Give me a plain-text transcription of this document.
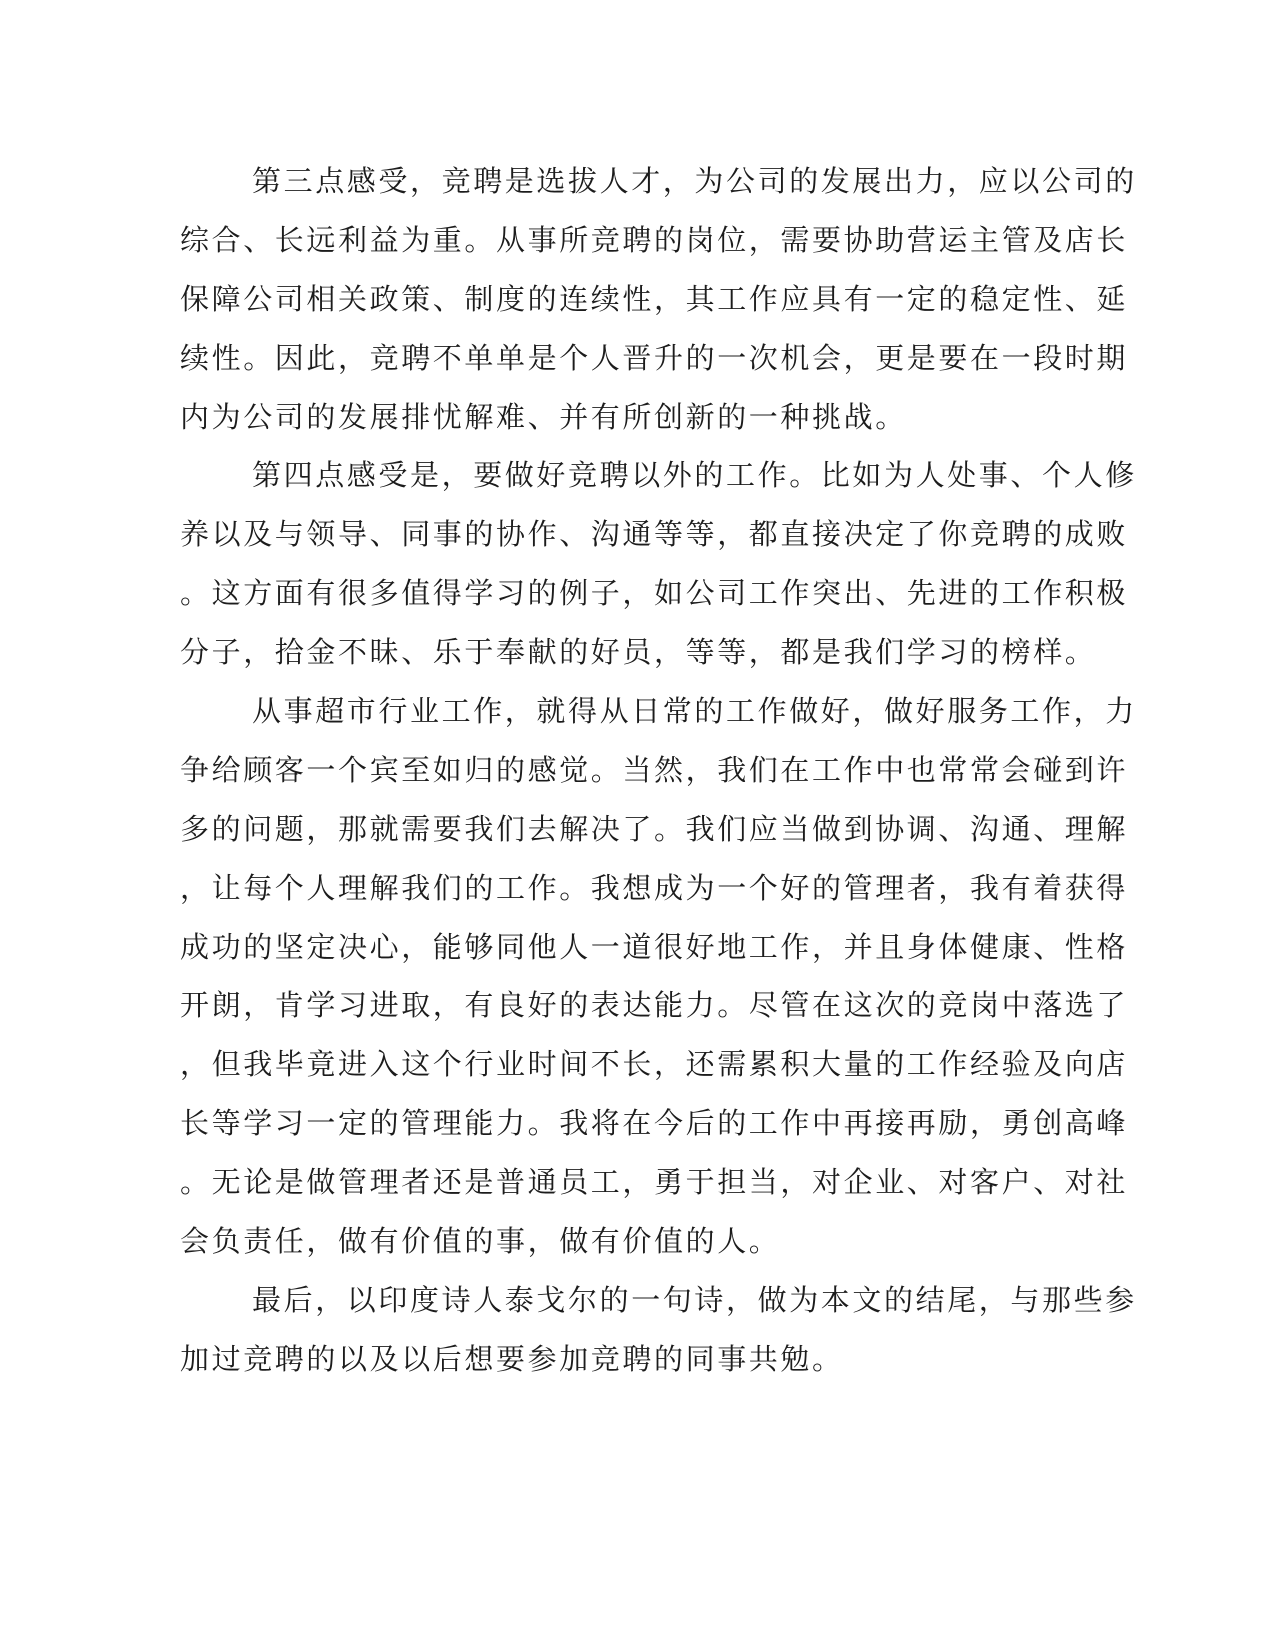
第三点感受，竞聘是选拔人才，为公司的发展出力，应以公司的
综合、长远利益为重。从事所竞聘的岗位，需要协助营运主管及店长
保障公司相关政策、制度的连续性，其工作应具有一定的稳定性、延
续性。因此，竞聘不单单是个人晋升的一次机会，更是要在一段时期
内为公司的发展排忧解难、并有所创新的一种挑战。
第四点感受是，要做好竞聘以外的工作。比如为人处事、个人修
养以及与领导、同事的协作、沟通等等，都直接决定了你竞聘的成败
。这方面有很多值得学习的例子，如公司工作突出、先进的工作积极
分子，拾金不昧、乐于奉献的好员，等等，都是我们学习的榜样。
从事超市行业工作，就得从日常的工作做好，做好服务工作，力
争给顾客一个宾至如归的感觉。当然，我们在工作中也常常会碰到许
多的问题，那就需要我们去解决了。我们应当做到协调、沟通、理解
，让每个人理解我们的工作。我想成为一个好的管理者，我有着获得
成功的坚定决心，能够同他人一道很好地工作，并且身体健康、性格
开朗，肯学习进取，有良好的表达能力。尽管在这次的竞岗中落选了
，但我毕竟进入这个行业时间不长，还需累积大量的工作经验及向店
长等学习一定的管理能力。我将在今后的工作中再接再励，勇创高峰
。无论是做管理者还是普通员工，勇于担当，对企业、对客户、对社
会负责任，做有价值的事，做有价值的人。
最后，以印度诗人泰戈尔的一句诗，做为本文的结尾，与那些参
加过竞聘的以及以后想要参加竞聘的同事共勉。
